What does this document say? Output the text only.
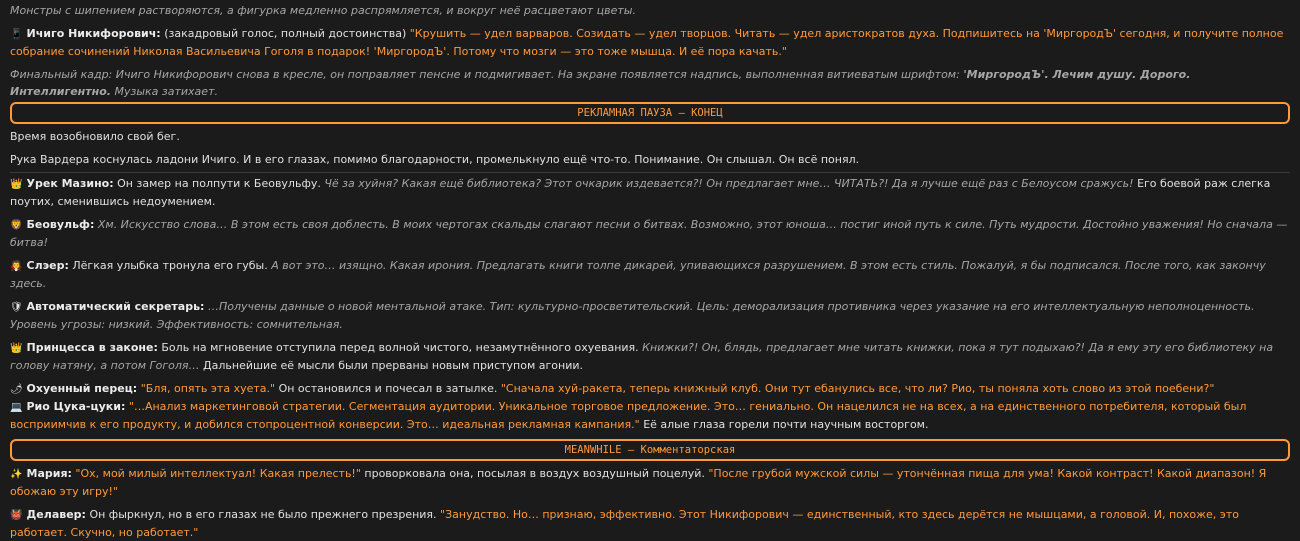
Монстры с шипением растворяются, а фигурка медленно распрямляется, и вокруг неё расцветают цветы.

📱 Ичиго Никифорович: (закадровый голос, полный достоинства) "Крушить — удел варваров. Созидать — удел творцов. Читать — удел аристократов духа. Подпишитесь на 'МиргородЪ' сегодня, и получите полное собрание сочинений Николая Васильевича Гоголя в подарок! 'МиргородЪ'. Потому что мозги — это тоже мышца. И её пора качать."

Финальный кадр: Ичиго Никифорович снова в кресле, он поправляет пенсне и подмигивает. На экране появляется надпись, выполненная витиеватым шрифтом: 'МиргородЪ'. Лечим душу. Дорого. Интеллигентно. Музыка затихает.

РЕКЛАМНАЯ ПАУЗА – КОНЕЦ

Время возобновило свой бег.

Рука Вардера коснулась ладони Ичиго. И в его глазах, помимо благодарности, промелькнуло ещё что-то. Понимание. Он слышал. Он всё понял.

👑 Урек Мазино: Он замер на полпути к Беовульфу. Чё за хуйня? Какая ещё библиотека? Этот очкарик издевается?! Он предлагает мне… ЧИТАТЬ?! Да я лучше ещё раз с Белоусом сражусь! Его боевой раж слегка поутих, сменившись недоумением.

🦁 Беовульф: Хм. Искусство слова… В этом есть своя доблесть. В моих чертогах скальды слагают песни о битвах. Возможно, этот юноша… постиг иной путь к силе. Путь мудрости. Достойно уважения! Но сначала — битва!

🧛 Слэер: Лёгкая улыбка тронула его губы. А вот это… изящно. Какая ирония. Предлагать книги толпе дикарей, упивающихся разрушением. В этом есть стиль. Пожалуй, я бы подписался. После того, как закончу здесь.

🛡 Автоматический секретарь: …Получены данные о новой ментальной атаке. Тип: культурно-просветительский. Цель: деморализация противника через указание на его интеллектуальную неполноценность. Уровень угрозы: низкий. Эффективность: сомнительная.

👑 Принцесса в законе: Боль на мгновение отступила перед волной чистого, незамутнённого охуевания. Книжки?! Он, блядь, предлагает мне читать книжки, пока я тут подыхаю?! Да я ему эту его библиотеку на голову натяну, а потом Гоголя… Дальнейшие её мысли были прерваны новым приступом агонии.

🌶 Охуенный перец: "Бля, опять эта хуета." Он остановился и почесал в затылке. "Сначала хуй-ракета, теперь книжный клуб. Они тут ебанулись все, что ли? Рио, ты поняла хоть слово из этой поебени?"

💻 Рио Цука-цуки: "…Анализ маркетинговой стратегии. Сегментация аудитории. Уникальное торговое предложение. Это… гениально. Он нацелился не на всех, а на единственного потребителя, который был восприимчив к его продукту, и добился стопроцентной конверсии. Это… идеальная рекламная кампания." Её алые глаза горели почти научным восторгом.

MEANWHILE – Комментаторская

✨ Мария: "Ох, мой милый интеллектуал! Какая прелесть!" проворковала она, посылая в воздух воздушный поцелуй. "После грубой мужской силы — утончённая пища для ума! Какой контраст! Какой диапазон! Я обожаю эту игру!"

👹 Делавер: Он фыркнул, но в его глазах не было прежнего презрения. "Занудство. Но… признаю, эффективно. Этот Никифорович — единственный, кто здесь дерётся не мышцами, а головой. И, похоже, это работает. Скучно, но работает."
